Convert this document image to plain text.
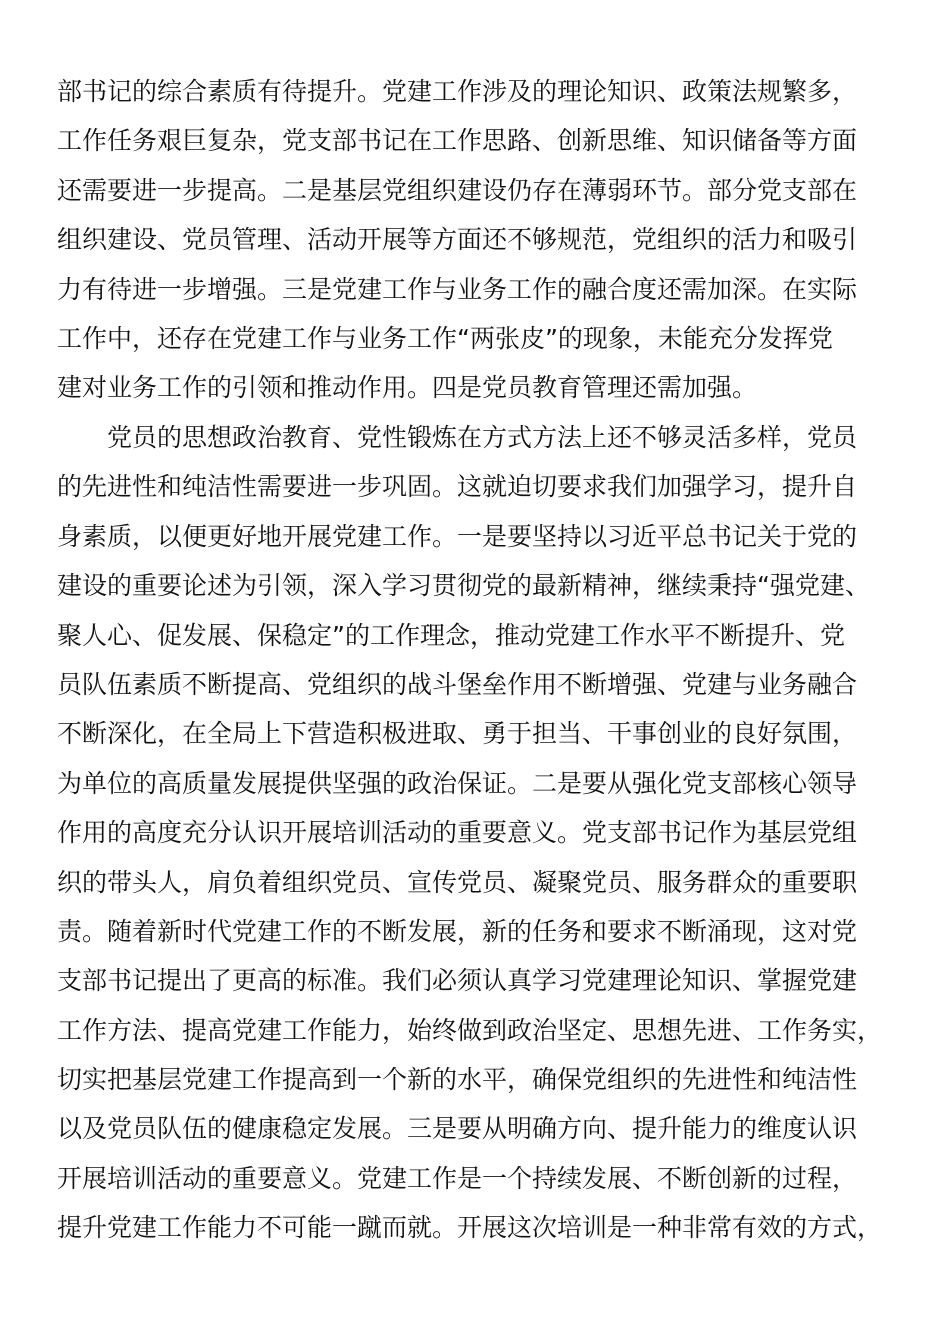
部书记的综合素质有待提升。党建工作涉及的理论知识、政策法规繁多，
工作任务艰巨复杂，党支部书记在工作思路、创新思维、知识储备等方面
还需要进一步提高。二是基层党组织建设仍存在薄弱环节。部分党支部在
组织建设、党员管理、活动开展等方面还不够规范，党组织的活力和吸引
力有待进一步增强。三是党建工作与业务工作的融合度还需加深。在实际
工作中，还存在党建工作与业务工作“两张皮”的现象，未能充分发挥党
建对业务工作的引领和推动作用。四是党员教育管理还需加强。
党员的思想政治教育、党性锻炼在方式方法上还不够灵活多样，党员
的先进性和纯洁性需要进一步巩固。这就迫切要求我们加强学习，提升自
身素质，以便更好地开展党建工作。一是要坚持以习近平总书记关于党的
建设的重要论述为引领，深入学习贯彻党的最新精神，继续秉持“强党建、
聚人心、促发展、保稳定”的工作理念，推动党建工作水平不断提升、党
员队伍素质不断提高、党组织的战斗堡垒作用不断增强、党建与业务融合
不断深化，在全局上下营造积极进取、勇于担当、干事创业的良好氛围，
为单位的高质量发展提供坚强的政治保证。二是要从强化党支部核心领导
作用的高度充分认识开展培训活动的重要意义。党支部书记作为基层党组
织的带头人，肩负着组织党员、宣传党员、凝聚党员、服务群众的重要职
责。随着新时代党建工作的不断发展，新的任务和要求不断涌现，这对党
支部书记提出了更高的标准。我们必须认真学习党建理论知识、掌握党建
工作方法、提高党建工作能力，始终做到政治坚定、思想先进、工作务实，
切实把基层党建工作提高到一个新的水平，确保党组织的先进性和纯洁性
以及党员队伍的健康稳定发展。三是要从明确方向、提升能力的维度认识
开展培训活动的重要意义。党建工作是一个持续发展、不断创新的过程，
提升党建工作能力不可能一蹴而就。开展这次培训是一种非常有效的方式，
